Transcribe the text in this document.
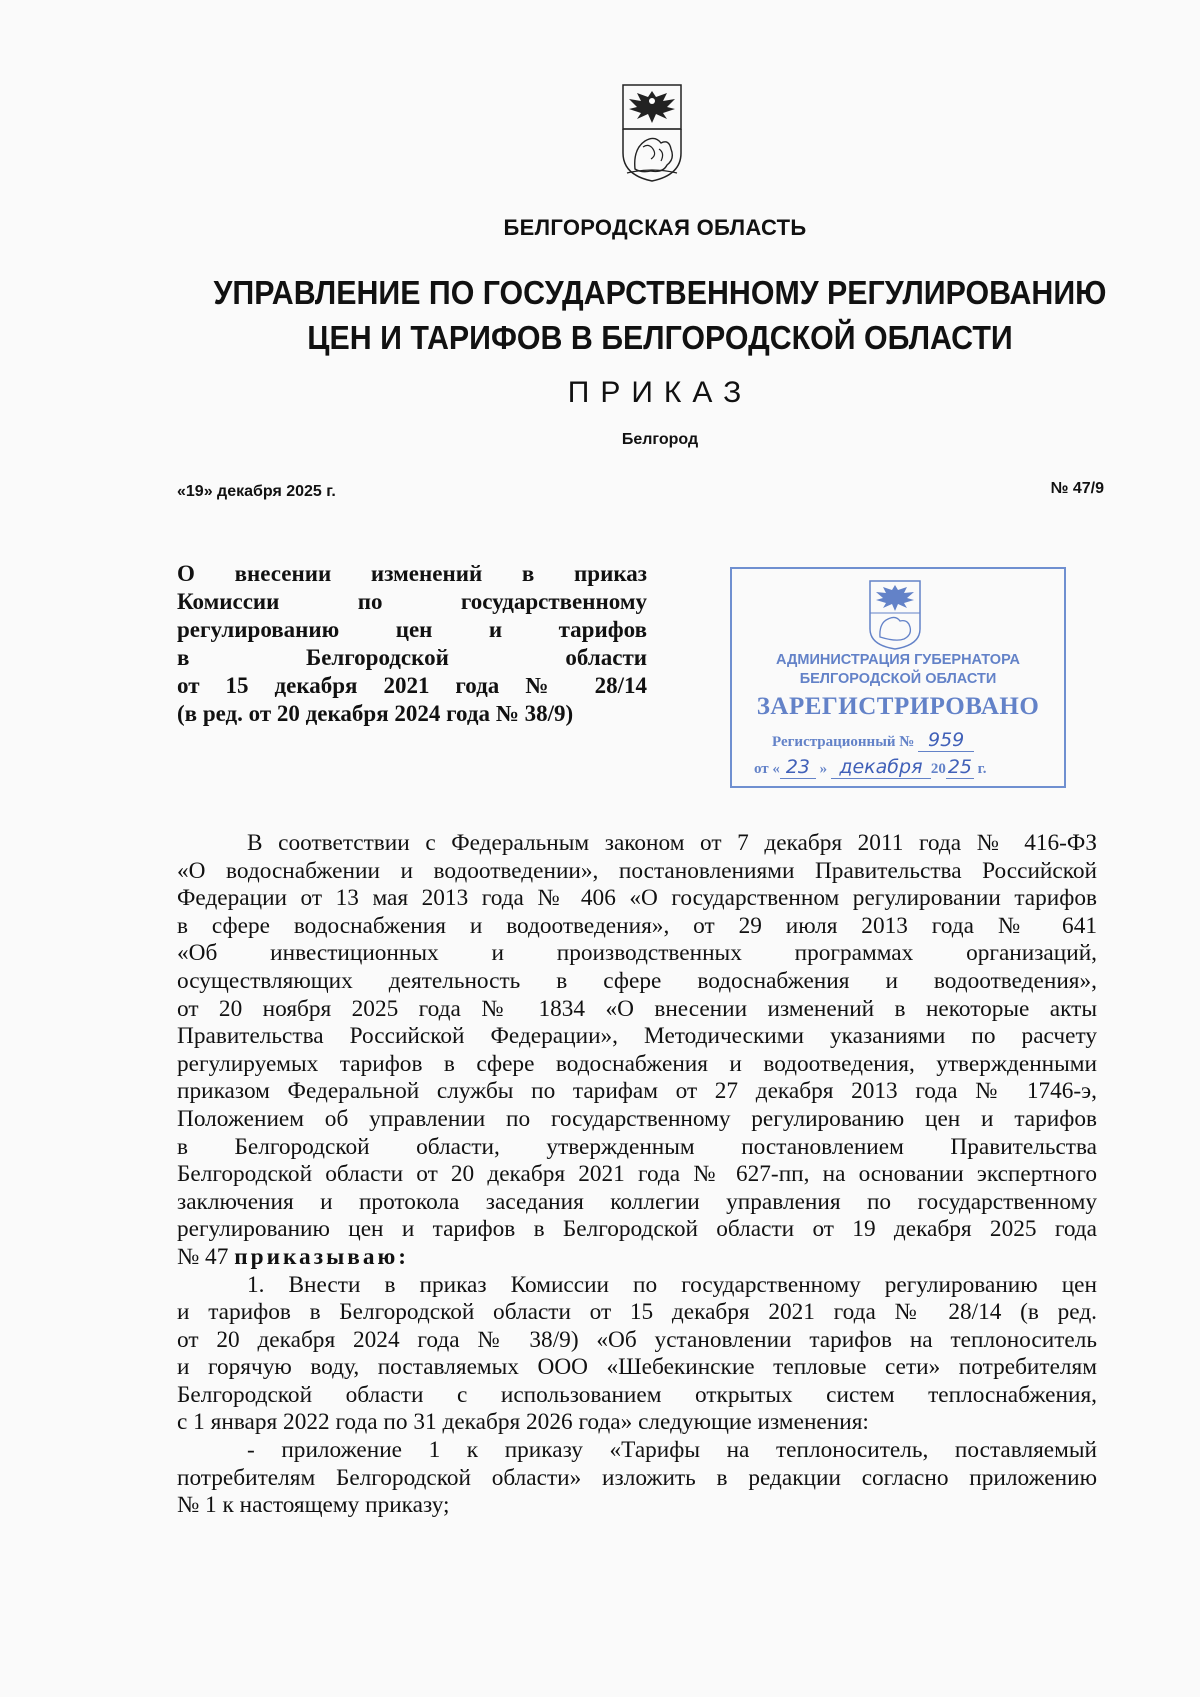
БЕЛГОРОДСКАЯ ОБЛАСТЬ
УПРАВЛЕНИЕ ПО ГОСУДАРСТВЕННОМУ РЕГУЛИРОВАНИЮ
ЦЕН И ТАРИФОВ В БЕЛГОРОДСКОЙ ОБЛАСТИ
ПРИКАЗ
Белгород
«19» декабря 2025 г.	№ 47/9
О внесении изменений в приказ
Комиссии по государственному
регулированию цен и тарифов
в Белгородской области
от 15 декабря 2021 года № 28/14
(в ред. от 20 декабря 2024 года № 38/9)
АДМИНИСТРАЦИЯ ГУБЕРНАТОРА
БЕЛГОРОДСКОЙ ОБЛАСТИ
ЗАРЕГИСТРИРОВАНО
Регистрационный № 959
от « 23 » декабря 20 25 г.
В соответствии с Федеральным законом от 7 декабря 2011 года № 416-ФЗ
«О водоснабжении и водоотведении», постановлениями Правительства Российской
Федерации от 13 мая 2013 года № 406 «О государственном регулировании тарифов
в сфере водоснабжения и водоотведения», от 29 июля 2013 года № 641
«Об инвестиционных и производственных программах организаций,
осуществляющих деятельность в сфере водоснабжения и водоотведения»,
от 20 ноября 2025 года № 1834 «О внесении изменений в некоторые акты
Правительства Российской Федерации», Методическими указаниями по расчету
регулируемых тарифов в сфере водоснабжения и водоотведения, утвержденными
приказом Федеральной службы по тарифам от 27 декабря 2013 года № 1746-э,
Положением об управлении по государственному регулированию цен и тарифов
в Белгородской области, утвержденным постановлением Правительства
Белгородской области от 20 декабря 2021 года № 627-пп, на основании экспертного
заключения и протокола заседания коллегии управления по государственному
регулированию цен и тарифов в Белгородской области от 19 декабря 2025 года
№ 47 приказываю:
1. Внести в приказ Комиссии по государственному регулированию цен
и тарифов в Белгородской области от 15 декабря 2021 года № 28/14 (в ред.
от 20 декабря 2024 года № 38/9) «Об установлении тарифов на теплоноситель
и горячую воду, поставляемых ООО «Шебекинские тепловые сети» потребителям
Белгородской области с использованием открытых систем теплоснабжения,
с 1 января 2022 года по 31 декабря 2026 года» следующие изменения:
- приложение 1 к приказу «Тарифы на теплоноситель, поставляемый
потребителям Белгородской области» изложить в редакции согласно приложению
№ 1 к настоящему приказу;
